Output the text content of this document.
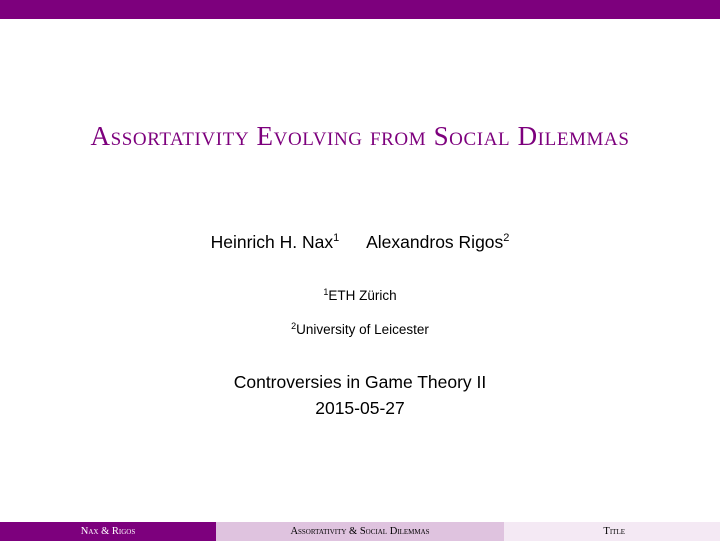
Assortativity Evolving from Social Dilemmas
Heinrich H. Nax$^1$ Alexandros Rigos$^2$
$^1$ETH Zürich
$^2$University of Leicester
Controversies in Game Theory II
2015-05-27
Nax & Rigos	Assortativity & Social Dilemmas	Title
